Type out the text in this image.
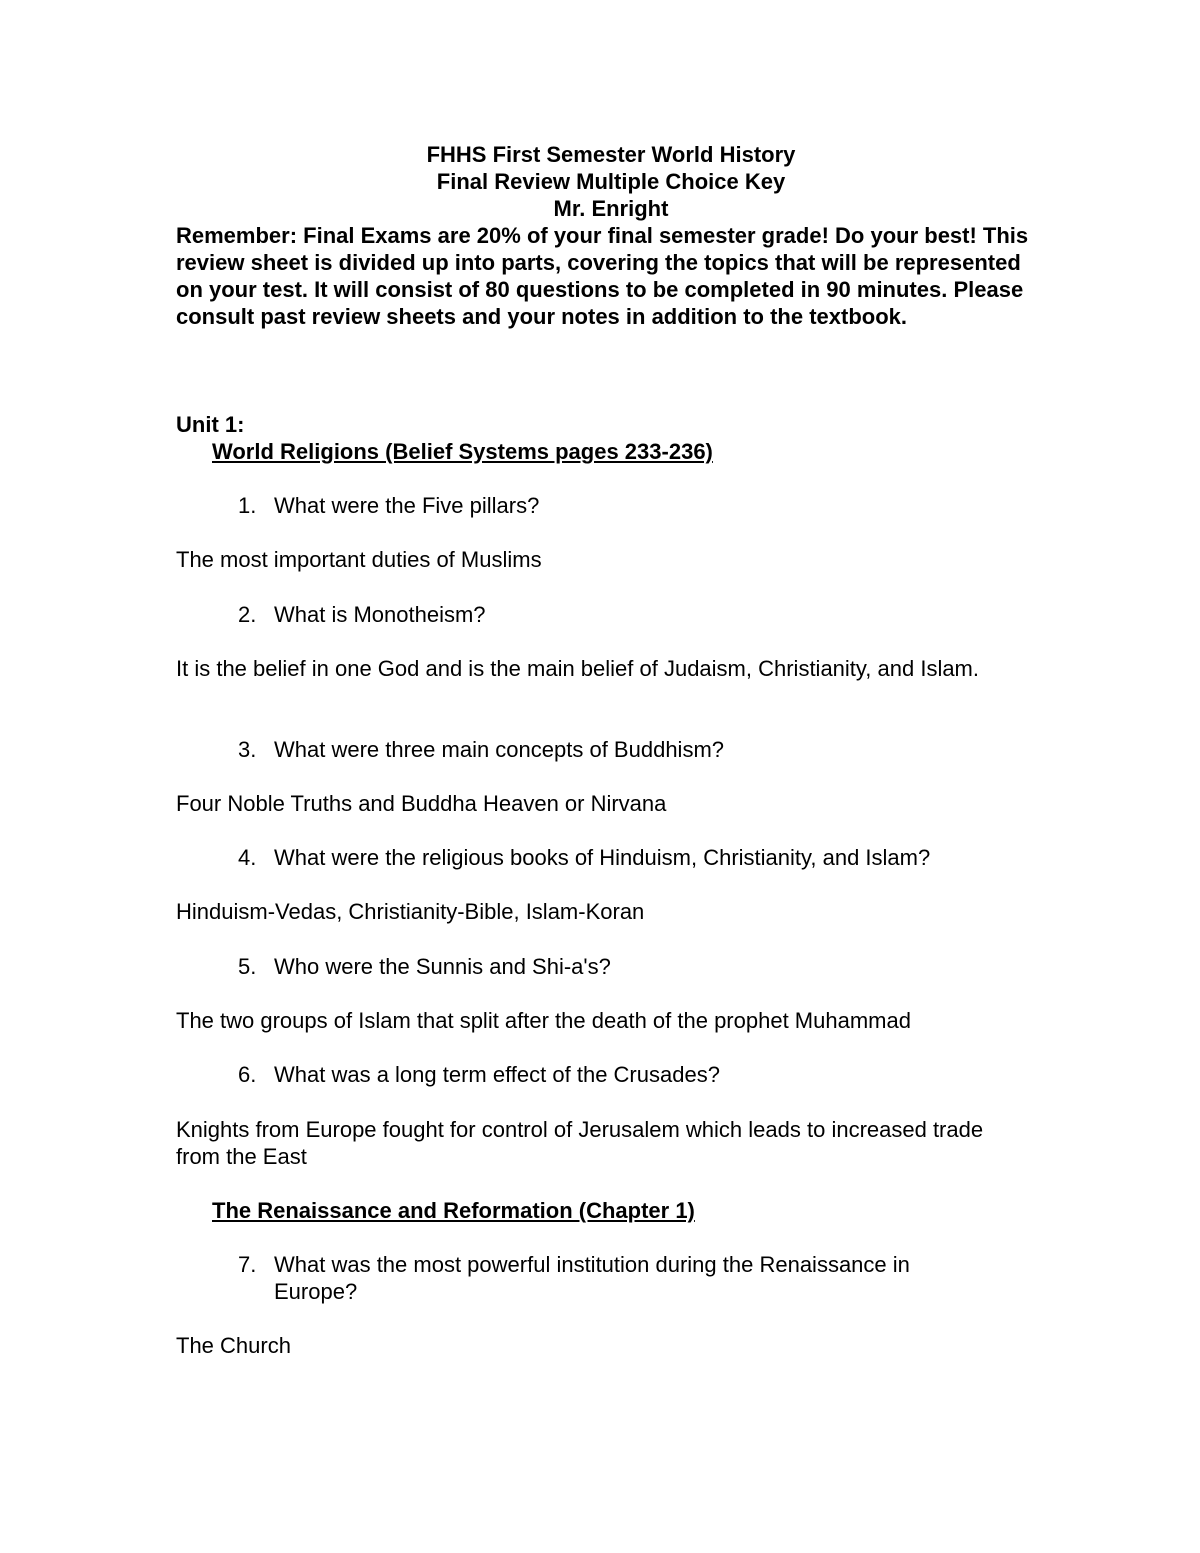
FHHS First Semester World History

Final Review Multiple Choice Key

Mr. Enright

Remember: Final Exams are 20% of your final semester grade! Do your best! This review sheet is divided up into parts, covering the topics that will be represented on your test. It will consist of 80 questions to be completed in 90 minutes. Please consult past review sheets and your notes in addition to the textbook.

Unit 1:

World Religions (Belief Systems pages 233-236)

1. What were the Five pillars?

The most important duties of Muslims

2. What is Monotheism?

It is the belief in one God and is the main belief of Judaism, Christianity, and Islam.

3. What were three main concepts of Buddhism?

Four Noble Truths and Buddha Heaven or Nirvana

4. What were the religious books of Hinduism, Christianity, and Islam?

Hinduism-Vedas, Christianity-Bible, Islam-Koran

5. Who were the Sunnis and Shi-a's?

The two groups of Islam that split after the death of the prophet Muhammad

6. What was a long term effect of the Crusades?

Knights from Europe fought for control of Jerusalem which leads to increased trade from the East

The Renaissance and Reformation (Chapter 1)

7. What was the most powerful institution during the Renaissance in Europe?

The Church
